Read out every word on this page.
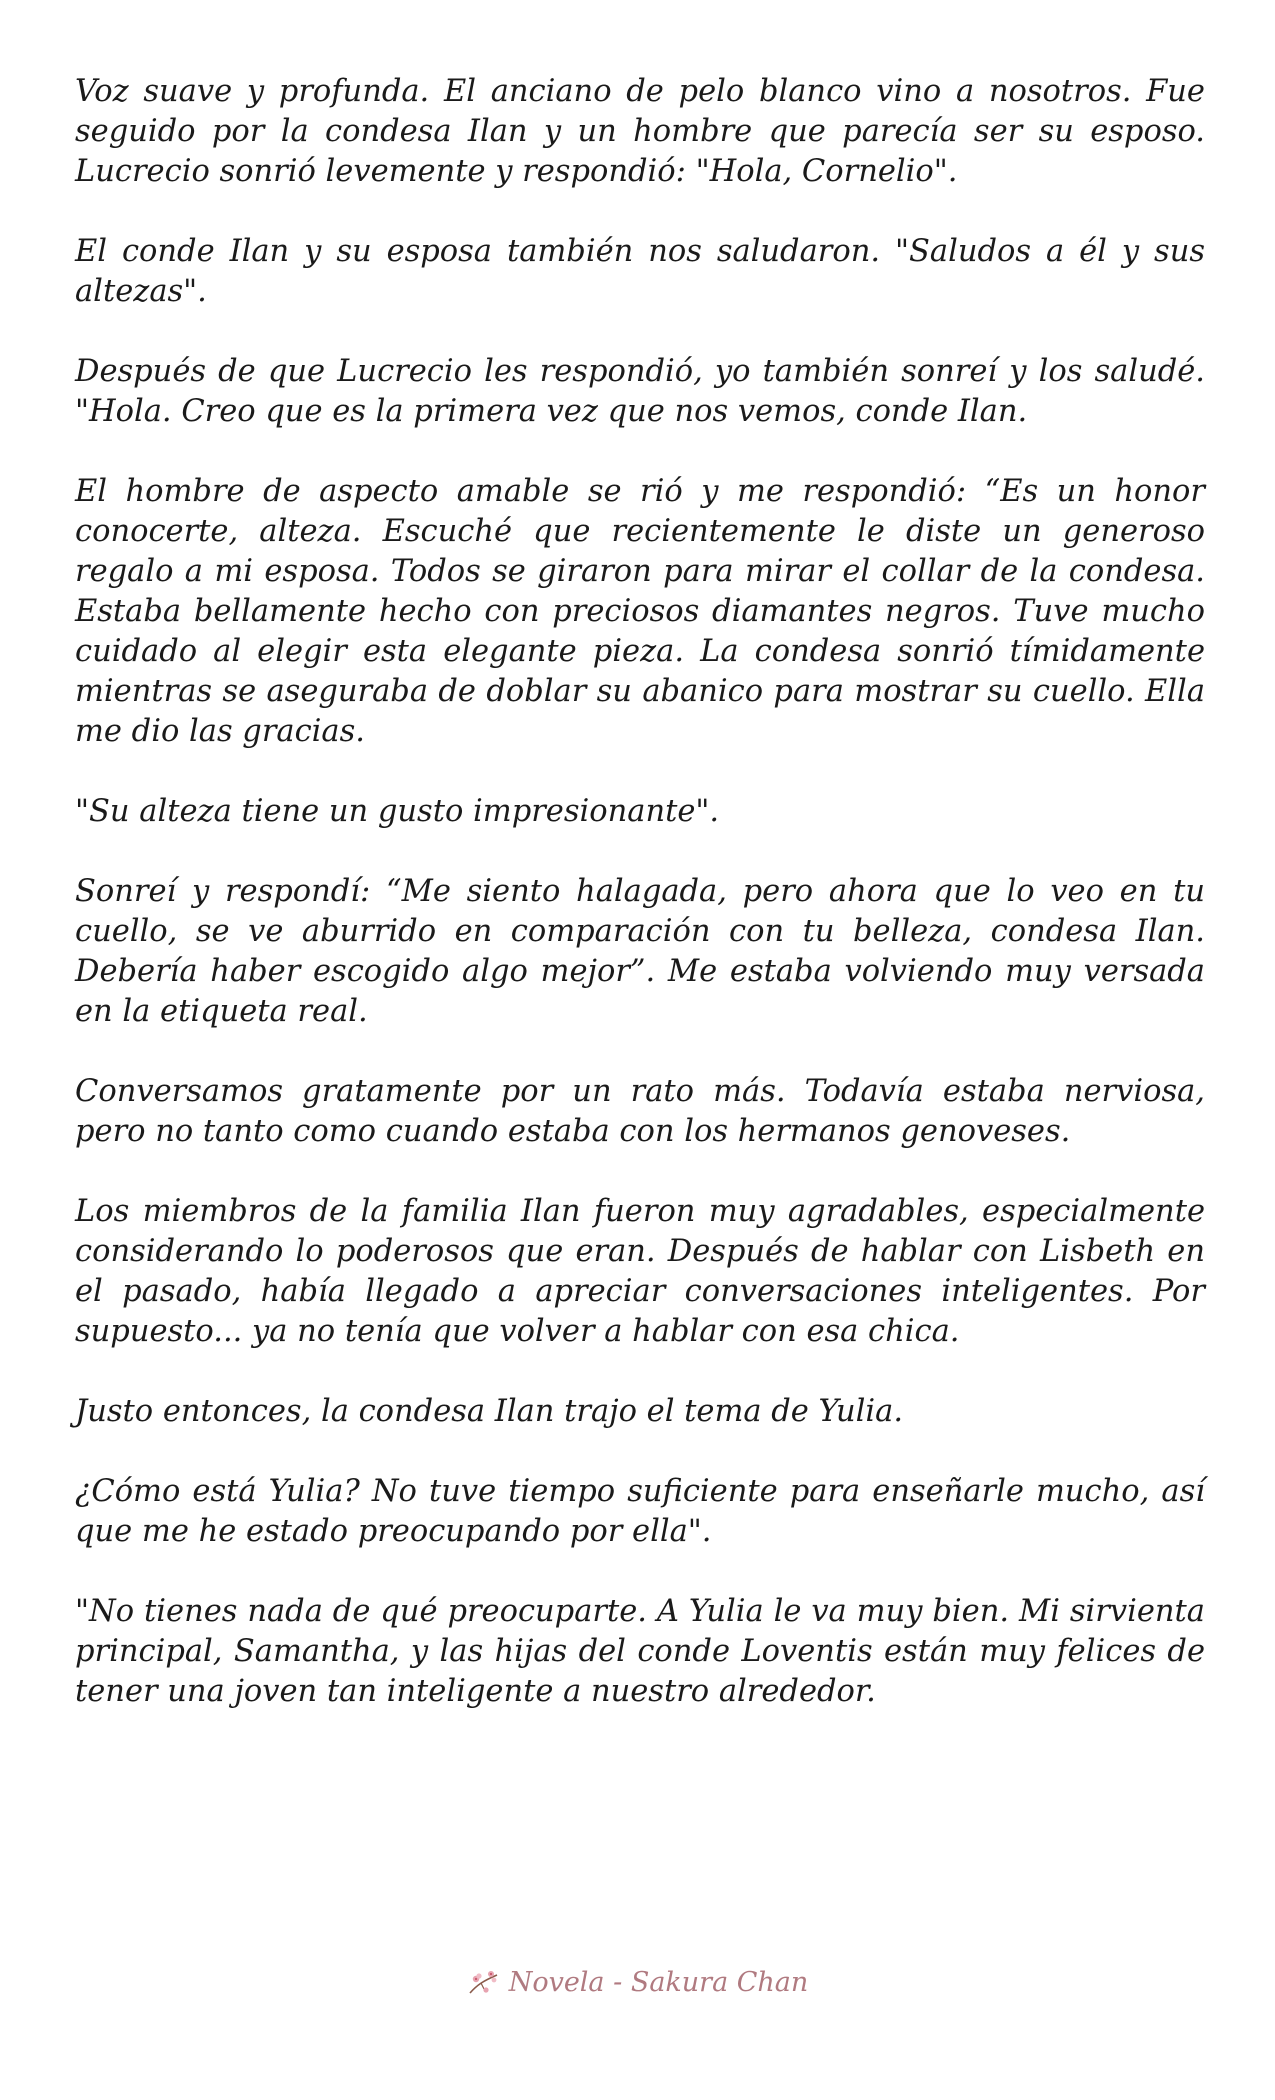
Voz suave y profunda. El anciano de pelo blanco vino a nosotros. Fue seguido por la condesa Ilan y un hombre que parecía ser su esposo. Lucrecio sonrió levemente y respondió: "Hola, Cornelio".

El conde Ilan y su esposa también nos saludaron. "Saludos a él y sus altezas".

Después de que Lucrecio les respondió, yo también sonreí y los saludé. "Hola. Creo que es la primera vez que nos vemos, conde Ilan.

El hombre de aspecto amable se rió y me respondió: “Es un honor conocerte, alteza. Escuché que recientemente le diste un generoso regalo a mi esposa. Todos se giraron para mirar el collar de la condesa. Estaba bellamente hecho con preciosos diamantes negros. Tuve mucho cuidado al elegir esta elegante pieza. La condesa sonrió tímidamente mientras se aseguraba de doblar su abanico para mostrar su cuello. Ella me dio las gracias.

"Su alteza tiene un gusto impresionante".

Sonreí y respondí: “Me siento halagada, pero ahora que lo veo en tu cuello, se ve aburrido en comparación con tu belleza, condesa Ilan. Debería haber escogido algo mejor”. Me estaba volviendo muy versada en la etiqueta real.

Conversamos gratamente por un rato más. Todavía estaba nerviosa, pero no tanto como cuando estaba con los hermanos genoveses.

Los miembros de la familia Ilan fueron muy agradables, especialmente considerando lo poderosos que eran. Después de hablar con Lisbeth en el pasado, había llegado a apreciar conversaciones inteligentes. Por supuesto... ya no tenía que volver a hablar con esa chica.

Justo entonces, la condesa Ilan trajo el tema de Yulia.

¿Cómo está Yulia? No tuve tiempo suficiente para enseñarle mucho, así que me he estado preocupando por ella".

"No tienes nada de qué preocuparte. A Yulia le va muy bien. Mi sirvienta principal, Samantha, y las hijas del conde Loventis están muy felices de tener una joven tan inteligente a nuestro alrededor.

Novela - Sakura Chan
